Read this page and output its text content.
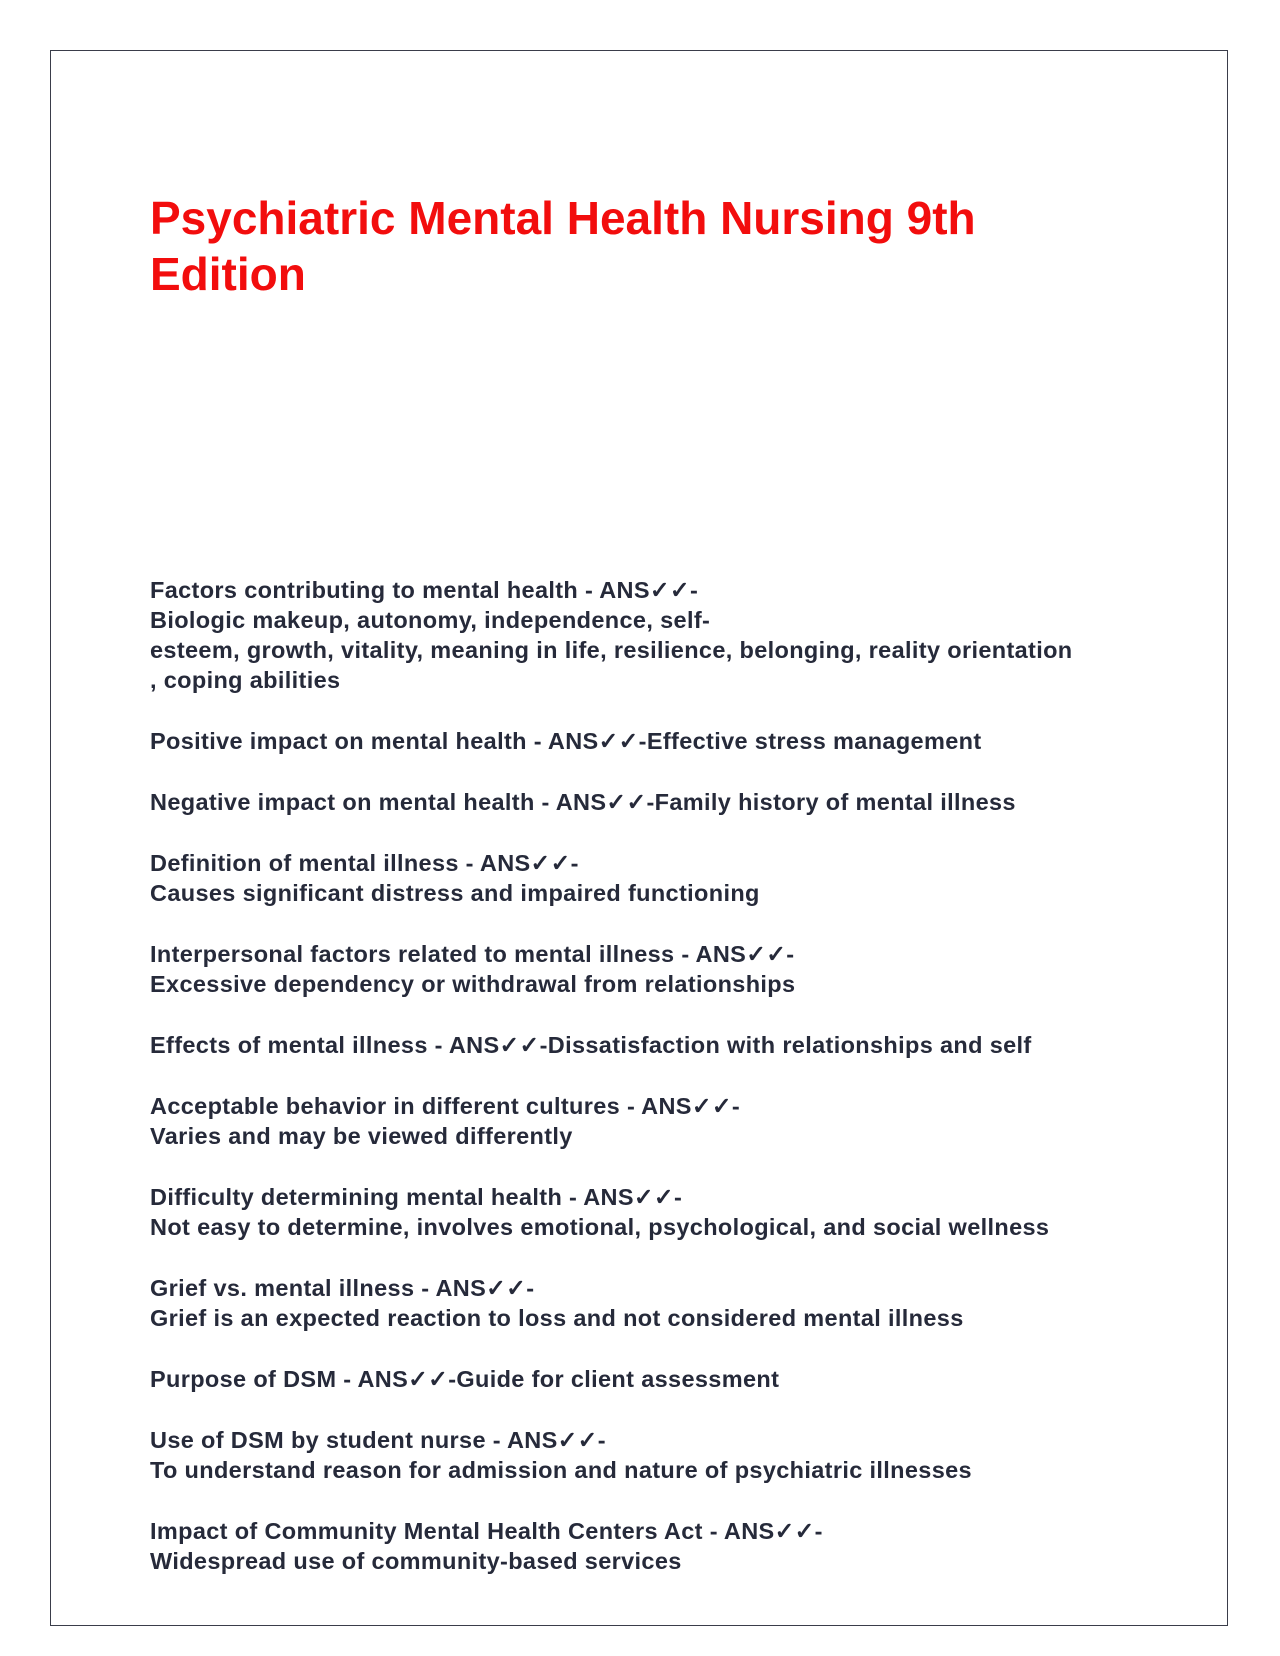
Psychiatric Mental Health Nursing 9th
Edition
Factors contributing to mental health - ANS✓✓-
Biologic makeup, autonomy, independence, self-
esteem, growth, vitality, meaning in life, resilience, belonging, reality orientation
, coping abilities
Positive impact on mental health - ANS✓✓-Effective stress management
Negative impact on mental health - ANS✓✓-Family history of mental illness
Definition of mental illness - ANS✓✓-
Causes significant distress and impaired functioning
Interpersonal factors related to mental illness - ANS✓✓-
Excessive dependency or withdrawal from relationships
Effects of mental illness - ANS✓✓-Dissatisfaction with relationships and self
Acceptable behavior in different cultures - ANS✓✓-
Varies and may be viewed differently
Difficulty determining mental health - ANS✓✓-
Not easy to determine, involves emotional, psychological, and social wellness
Grief vs. mental illness - ANS✓✓-
Grief is an expected reaction to loss and not considered mental illness
Purpose of DSM - ANS✓✓-Guide for client assessment
Use of DSM by student nurse - ANS✓✓-
To understand reason for admission and nature of psychiatric illnesses
Impact of Community Mental Health Centers Act - ANS✓✓-
Widespread use of community-based services
